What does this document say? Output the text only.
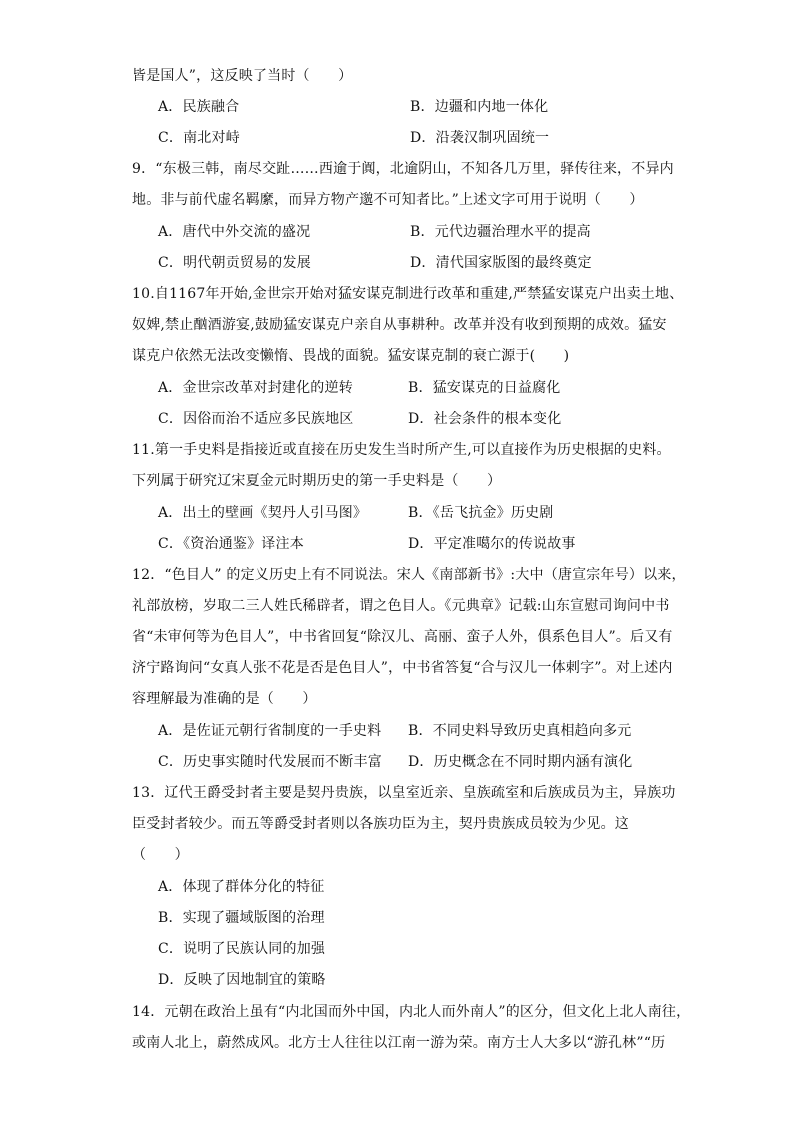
皆是国人”，这反映了当时（　　）
A．民族融合	B．边疆和内地一体化
C．南北对峙	D．沿袭汉制巩固统一
9．“东极三韩，南尽交趾……西逾于阗，北逾阴山，不知各几万里，驿传往来，不异内
地。非与前代虚名羁縻，而异方物产邈不可知者比。”上述文字可用于说明（　　）
A．唐代中外交流的盛况	B．元代边疆治理水平的提高
C．明代朝贡贸易的发展	D．清代国家版图的最终奠定
10.自1167年开始,金世宗开始对猛安谋克制进行改革和重建,严禁猛安谋克户出卖土地、
奴婢,禁止酗酒游宴,鼓励猛安谋克户亲自从事耕种。改革并没有收到预期的成效。猛安
谋克户依然无法改变懒惰、畏战的面貌。猛安谋克制的衰亡源于(　　)
A．金世宗改革对封建化的逆转	B．猛安谋克的日益腐化
C．因俗而治不适应多民族地区	D．社会条件的根本变化
11.第一手史料是指接近或直接在历史发生当时所产生,可以直接作为历史根据的史料。
下列属于研究辽宋夏金元时期历史的第一手史料是（　　）
A．出土的壁画《契丹人引马图》	B．《岳飞抗金》历史剧
C．《资治通鉴》译注本	D．平定准噶尔的传说故事
12．“色目人” 的定义历史上有不同说法。宋人《南部新书》:大中（唐宣宗年号）以来，
礼部放榜，岁取二三人姓氏稀辟者，谓之色目人。《元典章》记载:山东宣慰司询问中书
省“未审何等为色目人”，中书省回复“除汉儿、高丽、蛮子人外，俱系色目人”。后又有
济宁路询问“女真人张不花是否是色目人”，中书省答复“合与汉儿一体剌字”。对上述内
容理解最为准确的是（　　）
A．是佐证元朝行省制度的一手史料 B．不同史料导致历史真相趋向多元
C．历史事实随时代发展而不断丰富 D．历史概念在不同时期内涵有演化
13．辽代王爵受封者主要是契丹贵族，以皇室近亲、皇族疏室和后族成员为主，异族功
臣受封者较少。而五等爵受封者则以各族功臣为主，契丹贵族成员较为少见。这
（　　）
A．体现了群体分化的特征
B．实现了疆域版图的治理
C．说明了民族认同的加强
D．反映了因地制宜的策略
14．元朝在政治上虽有“内北国而外中国，内北人而外南人”的区分，但文化上北人南往，
或南人北上，蔚然成风。北方士人往往以江南一游为荣。南方士人大多以“游孔林”“历
